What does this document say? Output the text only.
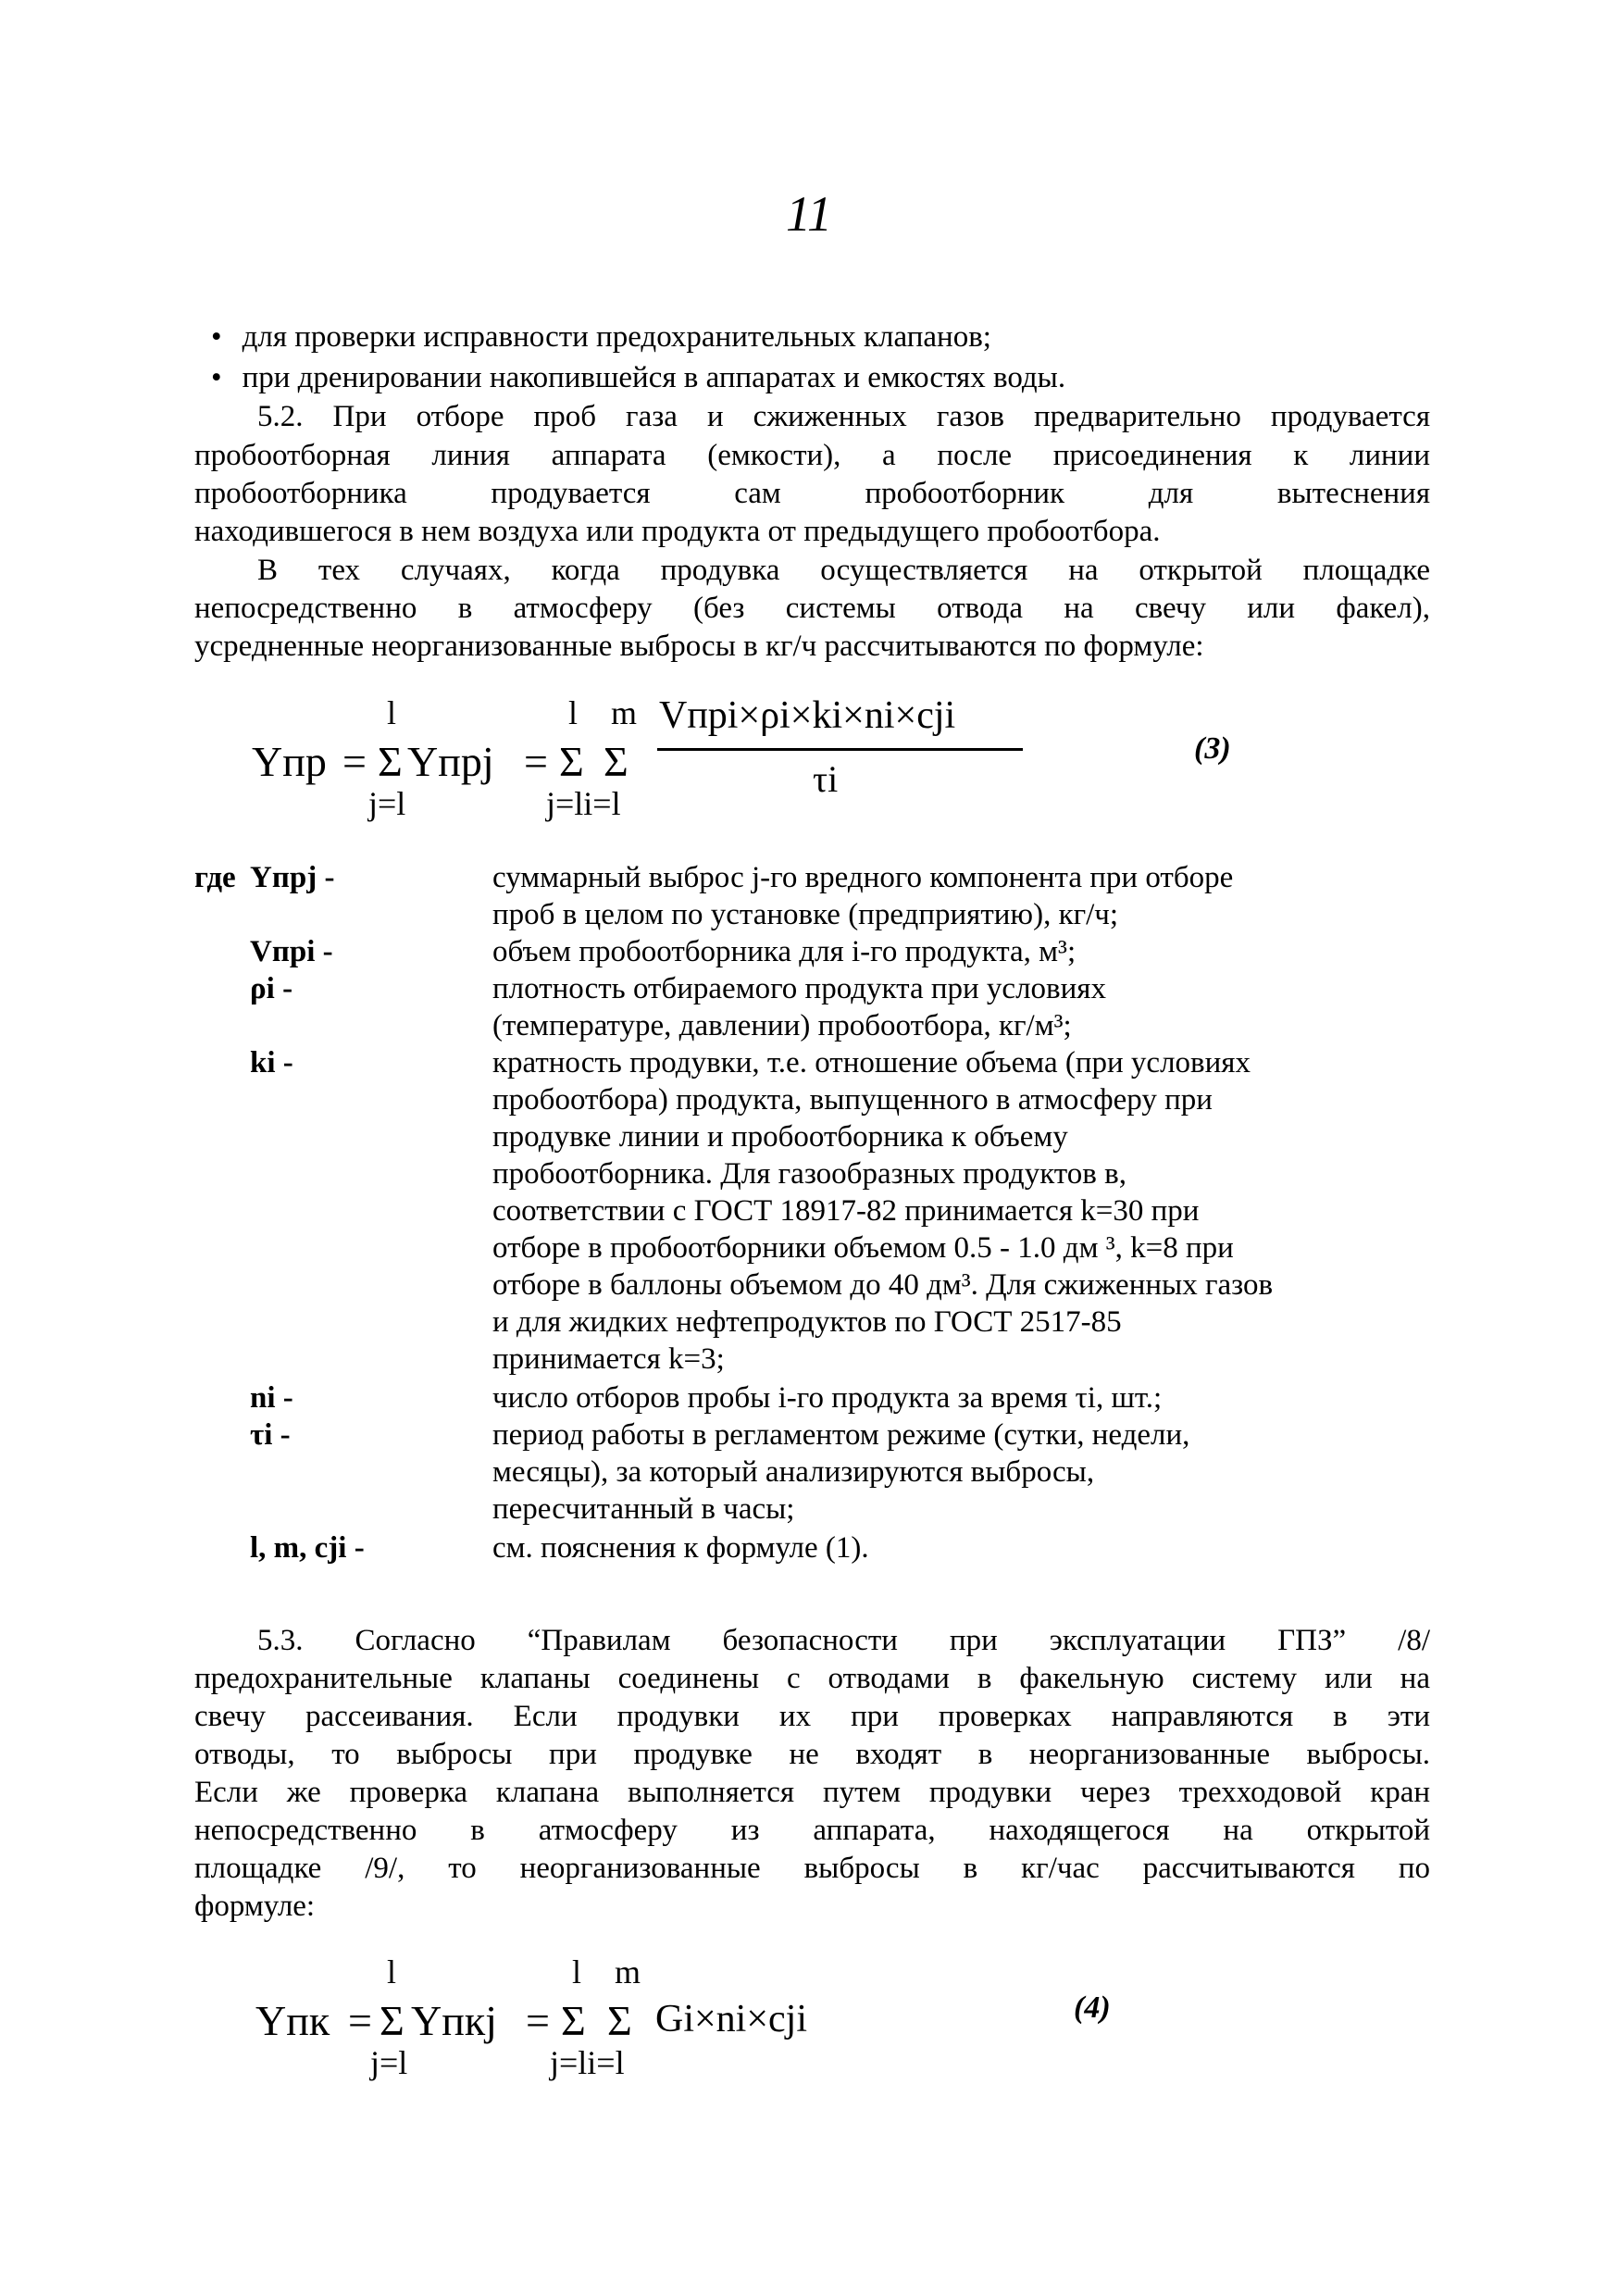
11
• для проверки исправности предохранительных клапанов;
• при дренировании накопившейся в аппаратах и емкостях воды.
5.2. При отборе проб газа и сжиженных газов предварительно продувается
пробоотборная линия аппарата (емкости), а после присоединения к линии
пробоотборника продувается сам пробоотборник для вытеснения
находившегося в нем воздуха или продукта от предыдущего пробоотбора.
В тех случаях, когда продувка осуществляется на открытой площадке
непосредственно в атмосферу (без системы отвода на свечу или факел),
усредненные неорганизованные выбросы в кг/ч рассчитываются по формуле:
l
Yпр = Σ Yпрj
j=l
=
l m
Σ Σ
j=li=l
Vпрi×ρi×ki×ni×cji
τi
(3)
где Yпрj -	суммарный выброс j-го вредного компонента при отборе
проб в целом по установке (предприятию), кг/ч;
Vпрi -	объем пробоотборника для i-го продукта, м³;
ρi -	плотность отбираемого продукта при условиях
(температуре, давлении) пробоотбора, кг/м³;
ki -	кратность продувки, т.е. отношение объема (при условиях
пробоотбора) продукта, выпущенного в атмосферу при
продувке линии и пробоотборника к объему
пробоотборника. Для газообразных продуктов в,
соответствии с ГОСТ 18917-82 принимается k=30 при
отборе в пробоотборники объемом 0.5 - 1.0 дм ³, k=8 при
отборе в баллоны объемом до 40 дм³. Для сжиженных газов
и для жидких нефтепродуктов по ГОСТ 2517-85
принимается k=3;
ni -	число отборов пробы i-го продукта за время τi, шт.;
τi -	период работы в регламентом режиме (сутки, недели,
месяцы), за который анализируются выбросы,
пересчитанный в часы;
l, m, cji -	см. пояснения к формуле (1).
5.3. Согласно “Правилам безопасности при эксплуатации ГПЗ” /8/
предохранительные клапаны соединены с отводами в факельную систему или на
свечу рассеивания. Если продувки их при проверках направляются в эти
отводы, то выбросы при продувке не входят в неорганизованные выбросы.
Если же проверка клапана выполняется путем продувки через трехходовой кран
непосредственно в атмосферу из аппарата, находящегося на открытой
площадке /9/, то неорганизованные выбросы в кг/час рассчитываются по
формуле:
l
Yпк = Σ Yпкj
j=l
=
l m
Σ Σ
j=li=l
Gi×ni×cji	(4)
